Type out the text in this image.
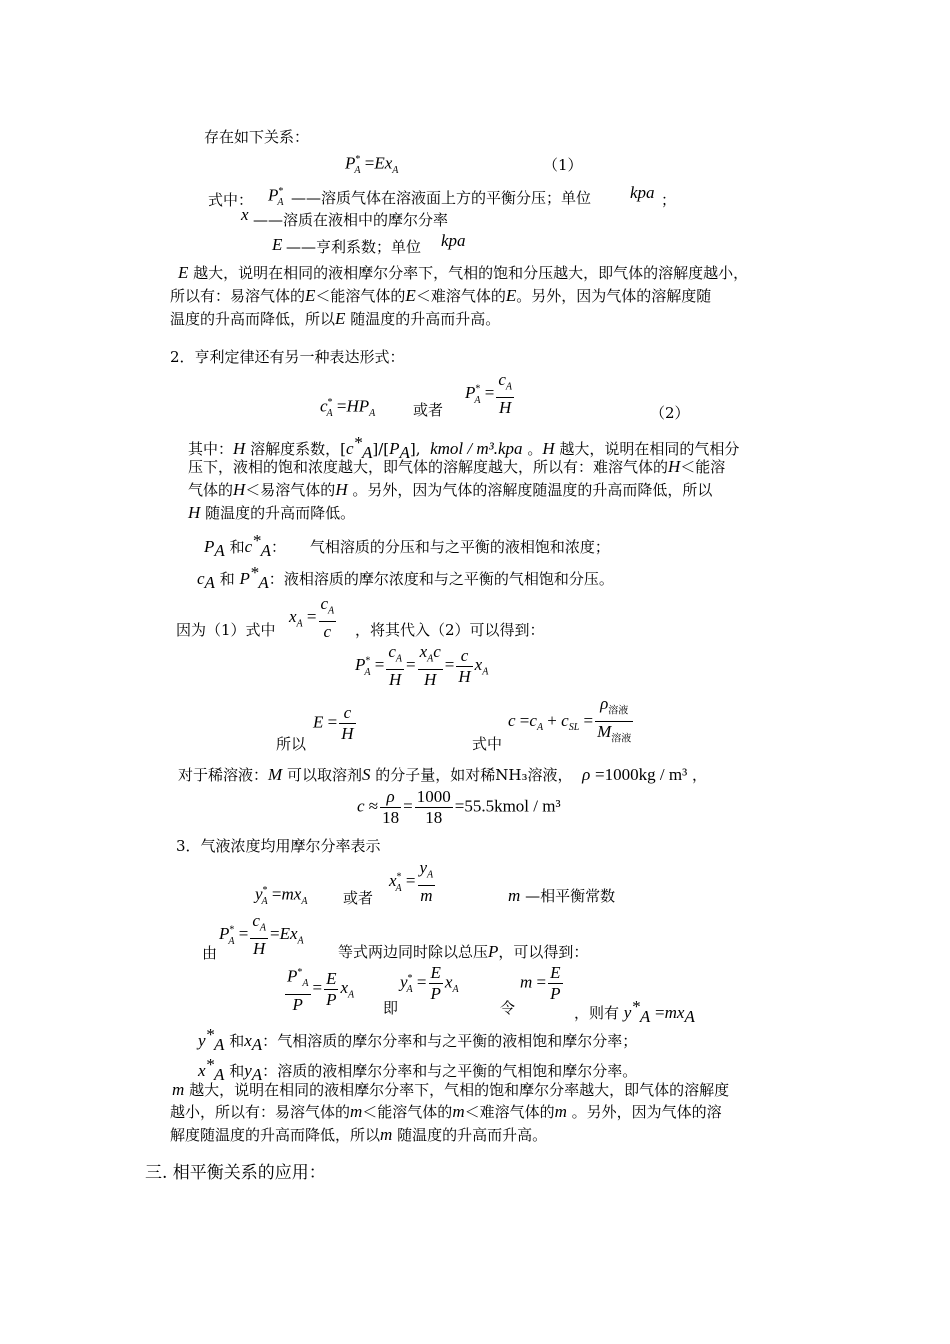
存在如下关系：
$P^*_A =Ex_A$	（1）
式中： $P^*_A$ ——溶质气体在溶液面上方的平衡分压；单位 kpa ；
x ——溶质在液相中的摩尔分率
E ——亨利系数；单位 kpa
E 越大，说明在相同的液相摩尔分率下，气相的饱和分压越大，即气体的溶解度越小，
所以有：易溶气体的E＜能溶气体的E＜难溶气体的E。另外，因为气体的溶解度随
温度的升高而降低，所以E 随温度的升高而升高。
2．亨利定律还有另一种表达形式：
$c^*_A =HP_A$	或者
$P^*_A = \frac{c_A}{H}$	（2）
其中：H 溶解度系数，$[c^*_A]/[P_A]$, kmol / m³.kpa 。H 越大，说明在相同的气相分
压下，液相的饱和浓度越大，即气体的溶解度越大，所以有：难溶气体的H＜能溶
气体的H＜易溶气体的H 。另外，因为气体的溶解度随温度的升高而降低，所以
H 随温度的升高而降低。
$P_A$ 和$c^*_A$： 气相溶质的分压和与之平衡的液相饱和浓度；
$c_A$ 和 $P^*_A$：液相溶质的摩尔浓度和与之平衡的气相饱和分压。
因为（1）式中
$x_A = \frac{c_A}{c}$ ，将其代入（2）可以得到：
$P^*_A = \frac{c_A}{H}$ =
$x_Ac$
H
= $\frac{c}{H} x_A$
所以
$E = \frac{c}{H}$	式中
$c =c_A + c_{SL}$ =
$\rho_{溶液}$
$M_{溶液}$
对于稀溶液：M 可以取溶剂S 的分子量，如对稀NH₃溶液， ρ =1000kg / m³ ，
$c \approx \frac{\rho}{18} = \frac{1000}{18}$ =55.5kmol / m³
3．气液浓度均用摩尔分率表示
$y^*_A =mx_A$ 或者
$x^*_A = \frac{y_A}{m}$	m —相平衡常数
由
$P^*_A = \frac{c_A}{H} =Ex_A$
等式两边同时除以总压P，可以得到：
$\frac{P^*_A}{P} = \frac{E}{P} x_A$
即
$y^*_A = \frac{E}{P} x_A$
令
$m = \frac{E}{P}$
，则有 $y^*_A =mx_A$
$y^*_A$ 和$x_A$：气相溶质的摩尔分率和与之平衡的液相饱和摩尔分率；
$x^*_A$ 和$y_A$：溶质的液相摩尔分率和与之平衡的气相饱和摩尔分率。
m 越大，说明在相同的液相摩尔分率下，气相的饱和摩尔分率越大，即气体的溶解度
越小，所以有：易溶气体的m＜能溶气体的m＜难溶气体的m 。另外，因为气体的溶
解度随温度的升高而降低，所以m 随温度的升高而升高。
三. 相平衡关系的应用：
